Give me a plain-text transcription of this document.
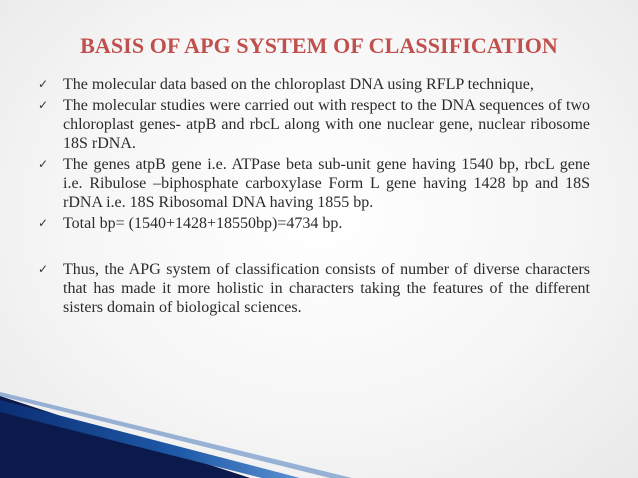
BASIS OF APG SYSTEM OF CLASSIFICATION
✓ The molecular data based on the chloroplast DNA using RFLP technique,
✓ The molecular studies were carried out with respect to the DNA sequences of two chloroplast genes- atpB and rbcL along with one nuclear gene, nuclear ribosome 18S rDNA.
✓ The genes atpB gene i.e. ATPase beta sub-unit gene having 1540 bp, rbcL gene i.e. Ribulose –biphosphate carboxylase Form L gene having 1428 bp and 18S rDNA i.e. 18S Ribosomal DNA having 1855 bp.
✓ Total bp= (1540+1428+18550bp)=4734 bp.
✓ Thus, the APG system of classification consists of number of diverse characters that has made it more holistic in characters taking the features of the different sisters domain of biological sciences.
